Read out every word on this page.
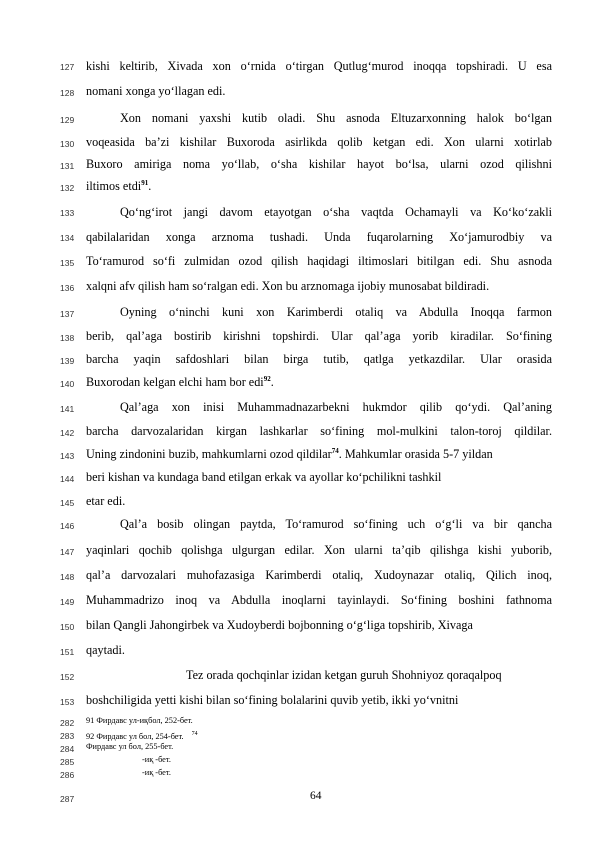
127
128
129
130
131
132
133
134
135
136
137
138
139
140
141
142
143
144
145
146
147
148
149
150
151
152
153
282
283
284
285
286
287
kishi keltirib, Xivada xon o‘rnida o‘tirgan Qutlug‘murod inoqqa topshiradi. U esa
nomani xonga yo‘llagan edi.
Xon nomani yaxshi kutib oladi. Shu asnoda Eltuzarxonning halok bo‘lgan
voqeasida ba’zi kishilar Buxoroda asirlikda qolib ketgan edi. Xon ularni xotirlab
Buxoro amiriga noma yo‘llab, o‘sha kishilar hayot bo‘lsa, ularni ozod qilishni
iltimos etdi$^{91}$.
Qo‘ng‘irot jangi davom etayotgan o‘sha vaqtda Ochamayli va Ko‘ko‘zakli
qabilalaridan xonga arznoma tushadi. Unda fuqarolarning Xo‘jamurodbiy va
To‘ramurod so‘fi zulmidan ozod qilish haqidagi iltimoslari bitilgan edi. Shu asnoda
xalqni afv qilish ham so‘ralgan edi. Xon bu arznomaga ijobiy munosabat bildiradi.
Oyning o‘ninchi kuni xon Karimberdi otaliq va Abdulla Inoqqa farmon
berib, qal’aga bostirib kirishni topshirdi. Ular qal’aga yorib kiradilar. So‘fining
barcha yaqin safdoshlari bilan birga tutib, qatlga yetkazdilar. Ular orasida
Buxorodan kelgan elchi ham bor edi$^{92}$.
Qal’aga xon inisi Muhammadnazarbekni hukmdor qilib qo‘ydi. Qal’aning
barcha darvozalaridan kirgan lashkarlar so‘fining mol-mulkini talon-toroj qildilar.
Uning zindonini buzib, mahkumlarni ozod qildilar$^{74}$. Mahkumlar orasida 5-7 yildan
beri kishan va kundaga band etilgan erkak va ayollar ko‘pchilikni tashkil
etar edi.
Qal’a bosib olingan paytda, To‘ramurod so‘fining uch o‘g‘li va bir qancha
yaqinlari qochib qolishga ulgurgan edilar. Xon ularni ta’qib qilishga kishi yuborib,
qal’a darvozalari muhofazasiga Karimberdi otaliq, Xudoynazar otaliq, Qilich inoq,
Muhammadrizo inoq va Abdulla inoqlarni tayinlaydi. So‘fining boshini fathnoma
bilan Qangli Jahongirbek va Xudoyberdi bojbonning o‘g‘liga topshirib, Xivaga
qaytadi.
Tez orada qochqinlar izidan ketgan guruh Shohniyoz qoraqalpoq
boshchiligida yetti kishi bilan so‘fining bolalarini quvib yetib, ikki yo‘vnitni
91 Фирдавс ул-иқбол, 252-бет.
92 Фирдавс ул бол, 254-бет. $^{74}$
Фирдавс ул бол, 255-бет.
-иқ -бет.
-иқ -бет.
64
